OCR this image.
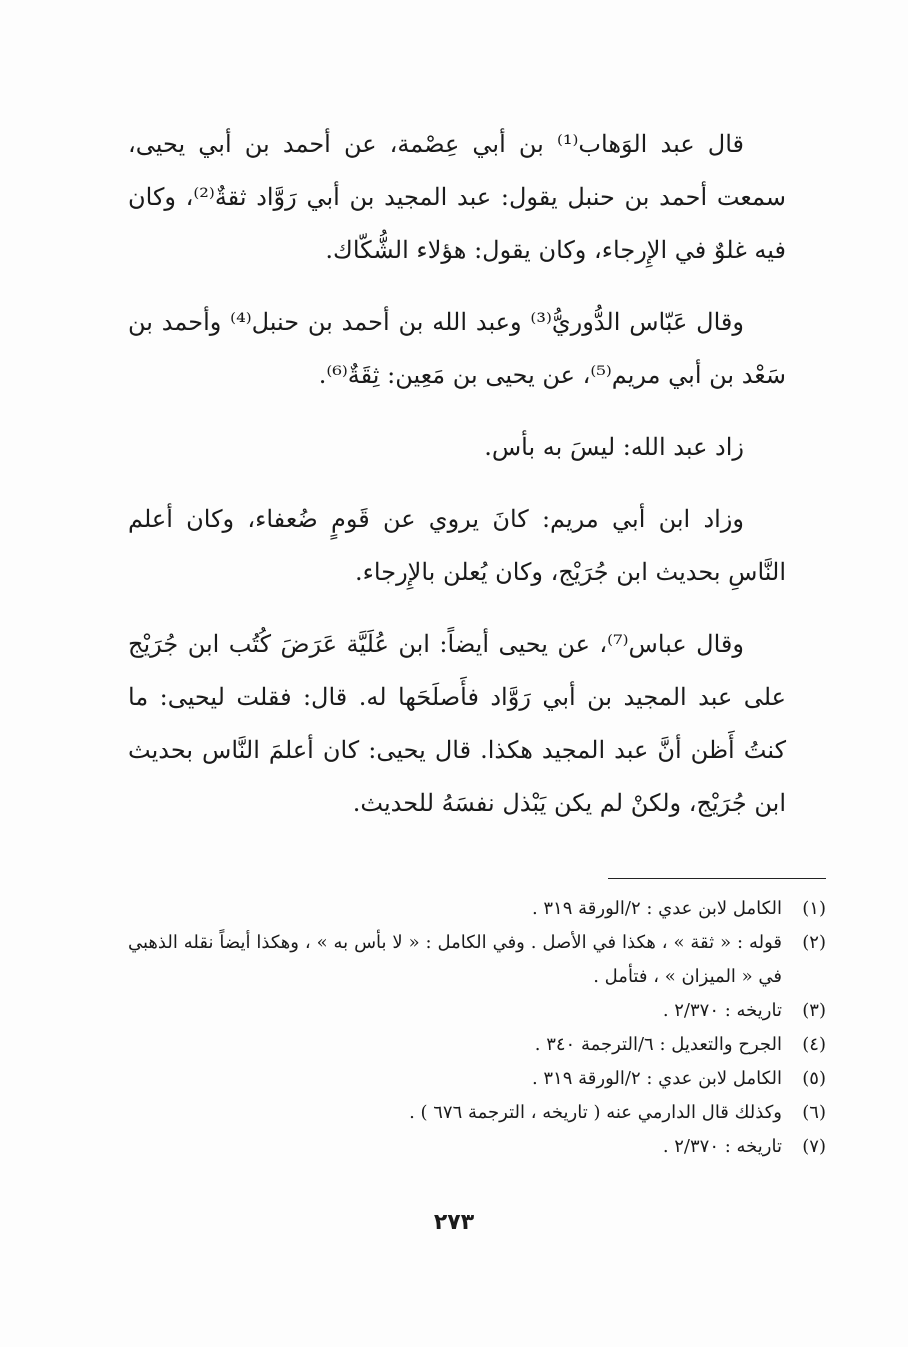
قال عبد الوَهاب⁽¹⁾ بن أبي عِصْمة، عن أحمد بن أبي يحيى، سمعت أحمد بن حنبل يقول: عبد المجيد بن أبي رَوَّاد ثقةٌ⁽²⁾، وكان فيه غلوٌ في الإِرجاء، وكان يقول: هؤلاء الشُّكّاك.

وقال عَبّاس الدُّوريُّ⁽³⁾ وعبد الله بن أحمد بن حنبل⁽⁴⁾ وأحمد بن سَعْد بن أبي مريم⁽⁵⁾، عن يحيى بن مَعِين: ثِقَةٌ⁽⁶⁾.

زاد عبد الله: ليسَ به بأس.

وزاد ابن أبي مريم: كانَ يروي عن قَومٍ ضُعفاء، وكان أعلم النَّاسِ بحديث ابن جُرَيْج، وكان يُعلن بالإِرجاء.

وقال عباس⁽⁷⁾، عن يحيى أيضاً: ابن عُلَيَّة عَرَضَ كُتُب ابن جُرَيْج على عبد المجيد بن أبي رَوَّاد فأَصلَحَها له. قال: فقلت ليحيى: ما كنتُ أَظن أنَّ عبد المجيد هكذا. قال يحيى: كان أعلمَ النَّاس بحديث ابن جُرَيْج، ولكنْ لم يكن يَبْذل نفسَهُ للحديث.

(١)
الكامل لابن عدي : ٢/الورقة ٣١٩ .
(٢)
قوله : « ثقة » ، هكذا في الأصل . وفي الكامل : « لا بأس به » ، وهكذا أيضاً نقله الذهبي في « الميزان » ، فتأمل .
(٣)
تاريخه : ٢/٣٧٠ .
(٤)
الجرح والتعديل : ٦/الترجمة ٣٤٠ .
(٥)
الكامل لابن عدي : ٢/الورقة ٣١٩ .
(٦)
وكذلك قال الدارمي عنه ( تاريخه ، الترجمة ٦٧٦ ) .
(٧)
تاريخه : ٢/٣٧٠ .
٢٧٣
